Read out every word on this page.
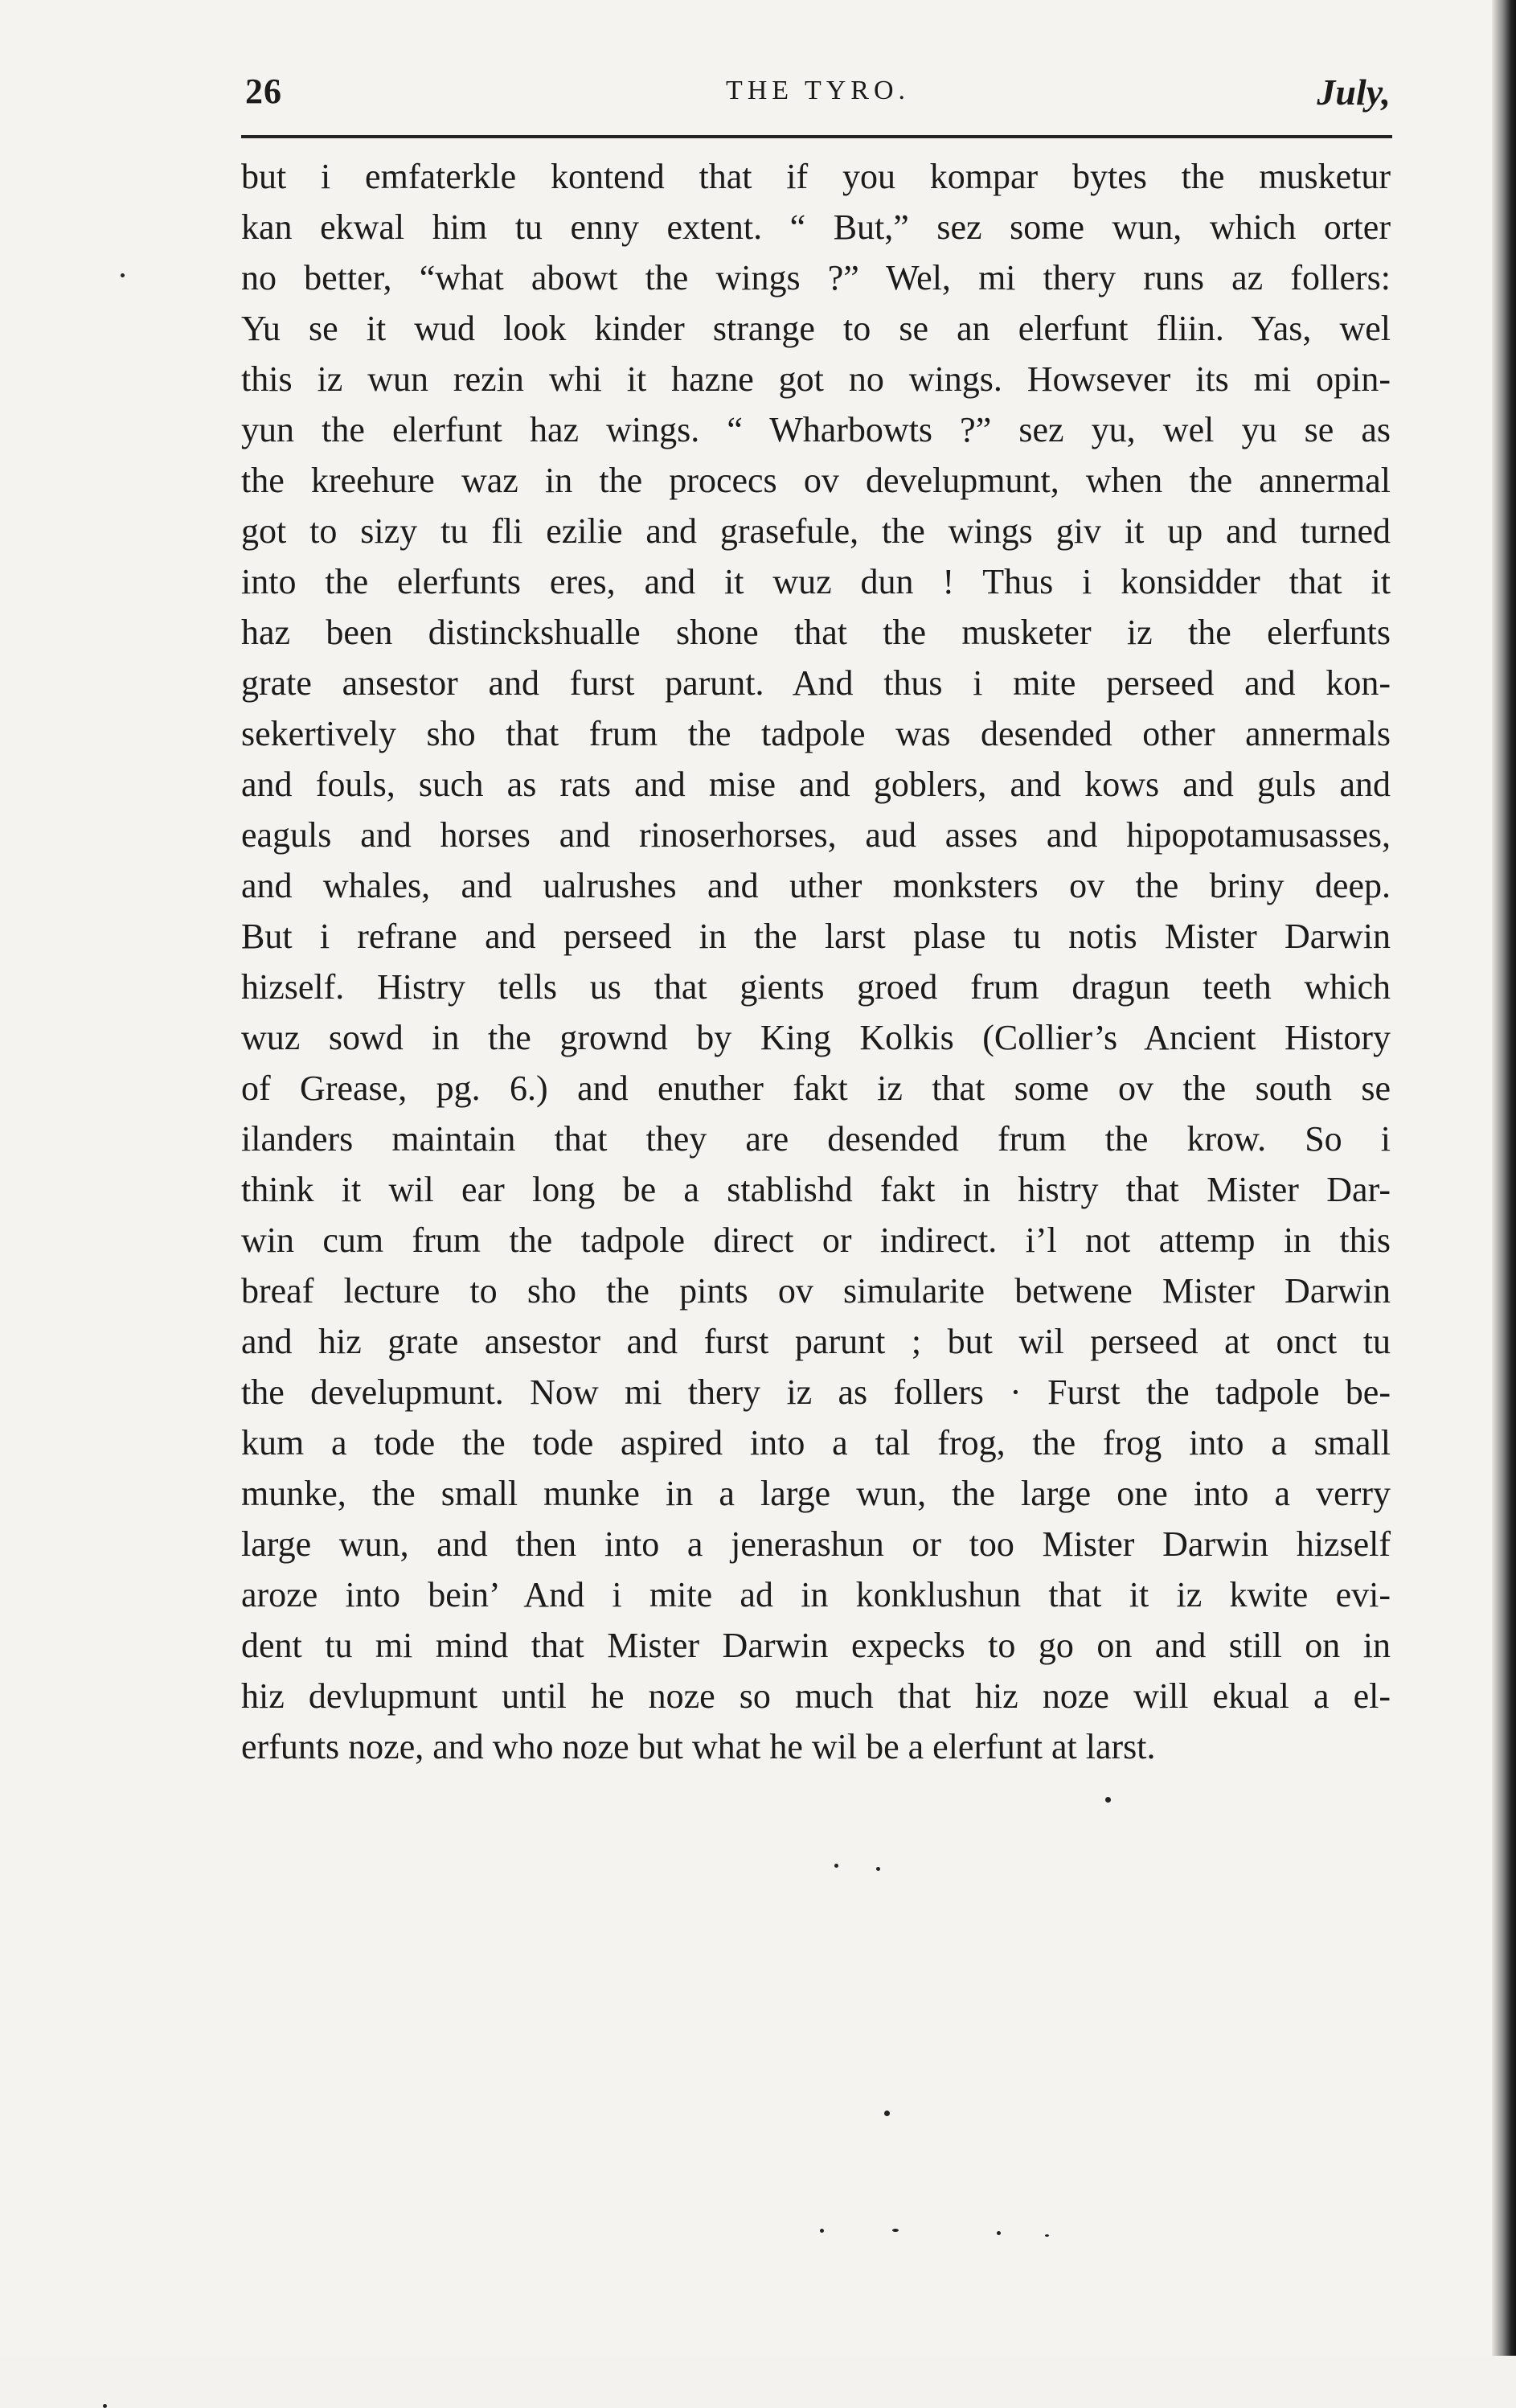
26	THE TYRO.	July,
but i emfaterkle kontend that if you kompar bytes the musketur
kan ekwal him tu enny extent. “ But,” sez some wun, which orter
no better, “what abowt the wings ?” Wel, mi thery runs az follers:
Yu se it wud look kinder strange to se an elerfunt fliin. Yas, wel
this iz wun rezin whi it hazne got no wings. Howsever its mi opin-
yun the elerfunt haz wings. “ Wharbowts ?” sez yu, wel yu se as
the kreehure waz in the procecs ov develupmunt, when the annermal
got to sizy tu fli ezilie and grasefule, the wings giv it up and turned
into the elerfunts eres, and it wuz dun ! Thus i konsidder that it
haz been distinckshualle shone that the musketer iz the elerfunts
grate ansestor and furst parunt. And thus i mite perseed and kon-
sekertively sho that frum the tadpole was desended other annermals
and fouls, such as rats and mise and goblers, and kows and guls and
eaguls and horses and rinoserhorses, aud asses and hipopotamusasses,
and whales, and ualrushes and uther monksters ov the briny deep.
But i refrane and perseed in the larst plase tu notis Mister Darwin
hizself. Histry tells us that gients groed frum dragun teeth which
wuz sowd in the grownd by King Kolkis (Collier’s Ancient History
of Grease, pg. 6.) and enuther fakt iz that some ov the south se
ilanders maintain that they are desended frum the krow. So i
think it wil ear long be a stablishd fakt in histry that Mister Dar-
win cum frum the tadpole direct or indirect. i’l not attemp in this
breaf lecture to sho the pints ov simularite betwene Mister Darwin
and hiz grate ansestor and furst parunt ; but wil perseed at onct tu
the develupmunt. Now mi thery iz as follers · Furst the tadpole be-
kum a tode the tode aspired into a tal frog, the frog into a small
munke, the small munke in a large wun, the large one into a verry
large wun, and then into a jenerashun or too Mister Darwin hizself
aroze into bein’ And i mite ad in konklushun that it iz kwite evi-
dent tu mi mind that Mister Darwin expecks to go on and still on in
hiz devlupmunt until he noze so much that hiz noze will ekual a el-
erfunts noze, and who noze but what he wil be a elerfunt at larst.
